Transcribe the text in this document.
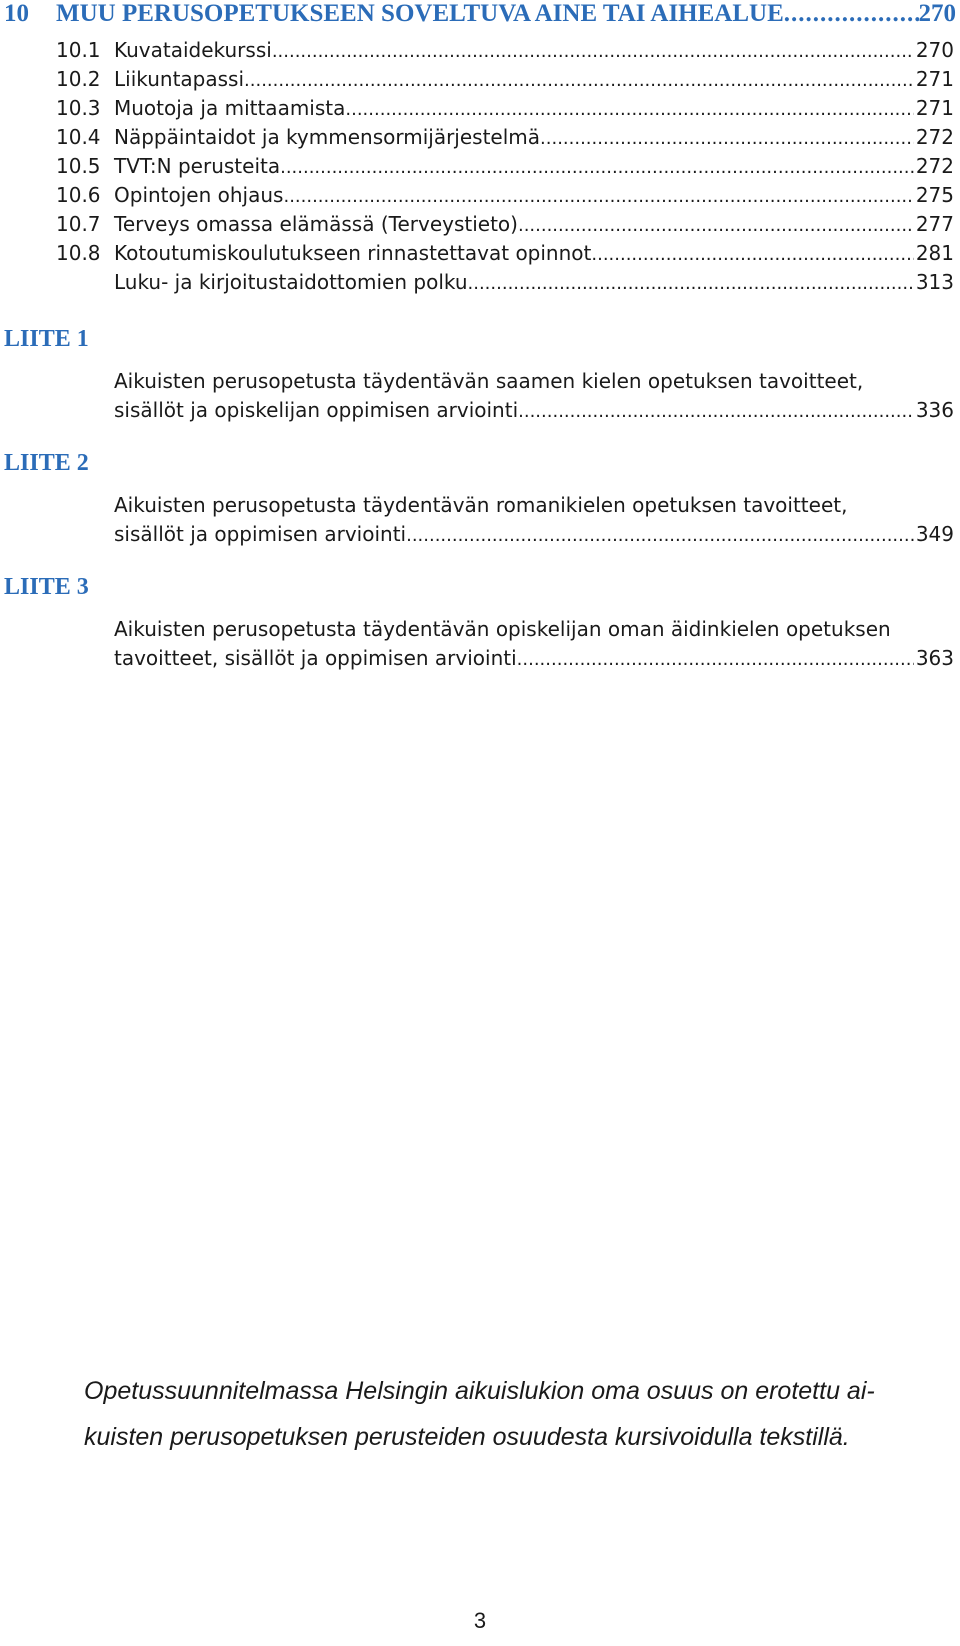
10	MUU PERUSOPETUKSEEN SOVELTUVA AINE TAI AIHEALUE .....	270
10.1 Kuvataidekurssi .....	270
10.2 Liikuntapassi .....	271
10.3 Muotoja ja mittaamista .....	271
10.4 Näppäintaidot ja kymmensormijärjestelmä .....	272
10.5 TVT:N perusteita .....	272
10.6 Opintojen ohjaus .....	275
10.7 Terveys omassa elämässä (Terveystieto) .....	277
10.8 Kotoutumiskoulutukseen rinnastettavat opinnot .....	281
Luku- ja kirjoitustaidottomien polku .....	313
LIITE 1
Aikuisten perusopetusta täydentävän saamen kielen opetuksen tavoitteet,
sisällöt ja opiskelijan oppimisen arviointi .....	336
LIITE 2
Aikuisten perusopetusta täydentävän romanikielen opetuksen tavoitteet,
sisällöt ja oppimisen arviointi .....	349
LIITE 3
Aikuisten perusopetusta täydentävän opiskelijan oman äidinkielen opetuksen
tavoitteet, sisällöt ja oppimisen arviointi .....	363
Opetussuunnitelmassa Helsingin aikuislukion oma osuus on erotettu ai-
kuisten perusopetuksen perusteiden osuudesta kursivoidulla tekstillä.
3
